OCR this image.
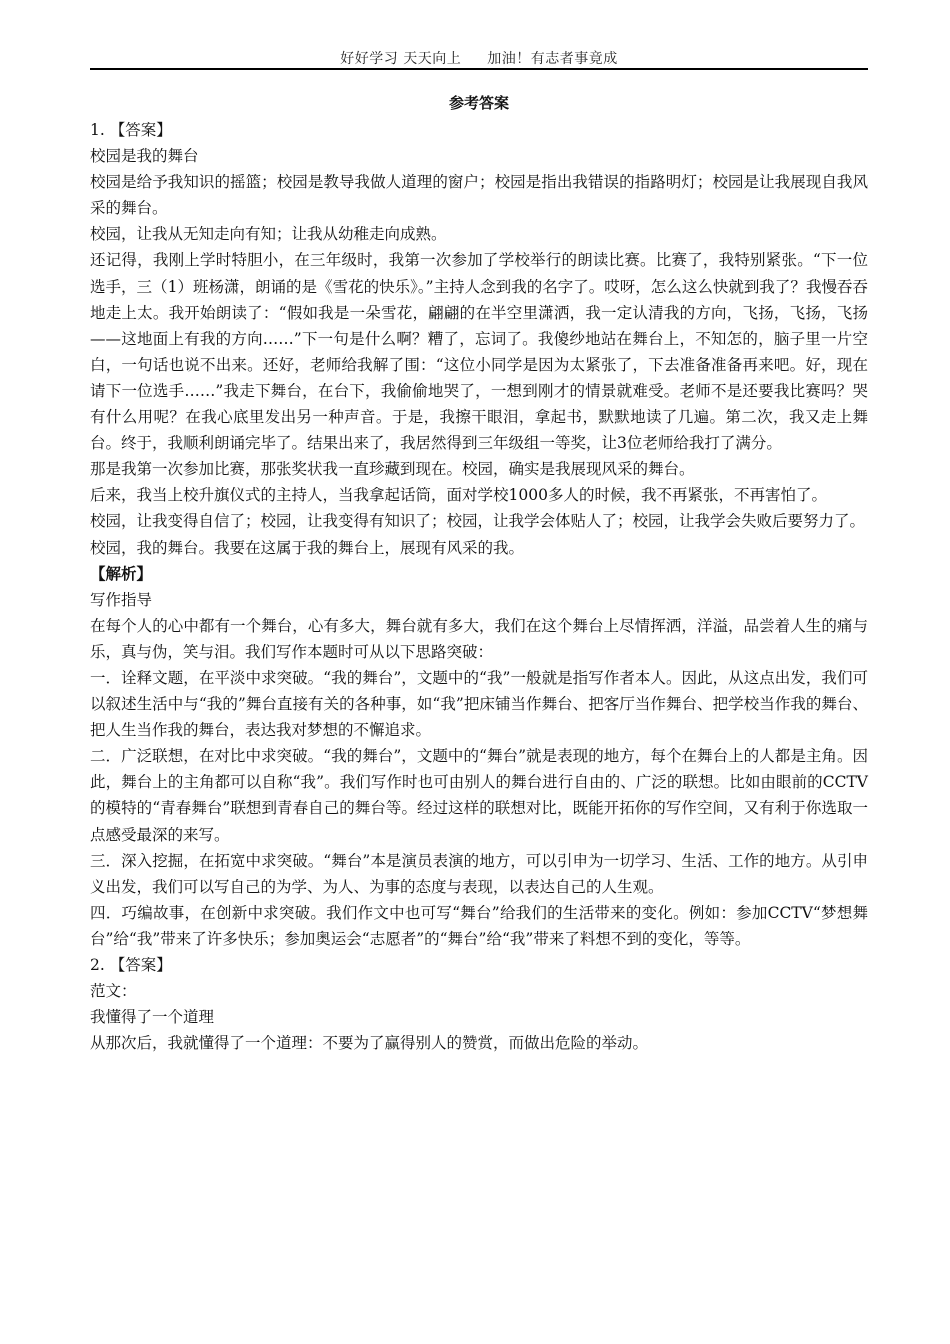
好好学习 天天向上 加油！有志者事竟成
参考答案

1. 【答案】

校园是我的舞台

校园是给予我知识的摇篮；校园是教导我做人道理的窗户；校园是指出我错误的指路明灯；校园是让我展现自我风采的舞台。

校园，让我从无知走向有知；让我从幼稚走向成熟。

还记得，我刚上学时特胆小，在三年级时，我第一次参加了学校举行的朗读比赛。比赛了，我特别紧张。“下一位选手，三（1）班杨潇，朗诵的是《雪花的快乐》。”主持人念到我的名字了。哎呀，怎么这么快就到我了？我慢吞吞地走上太。我开始朗读了：“假如我是一朵雪花，翩翩的在半空里潇洒，我一定认清我的方向，飞扬，飞扬，飞扬——这地面上有我的方向……”下一句是什么啊？糟了，忘词了。我傻纱地站在舞台上，不知怎的，脑子里一片空白，一句话也说不出来。还好，老师给我解了围：“这位小同学是因为太紧张了，下去准备准备再来吧。好，现在请下一位选手……”我走下舞台，在台下，我偷偷地哭了，一想到刚才的情景就难受。老师不是还要我比赛吗？哭有什么用呢？在我心底里发出另一种声音。于是，我擦干眼泪，拿起书，默默地读了几遍。第二次，我又走上舞台。终于，我顺利朗诵完毕了。结果出来了，我居然得到三年级组一等奖，让3位老师给我打了满分。

那是我第一次参加比赛，那张奖状我一直珍藏到现在。校园，确实是我展现风采的舞台。

后来，我当上校升旗仪式的主持人，当我拿起话筒，面对学校1000多人的时候，我不再紧张，不再害怕了。

校园，让我变得自信了；校园，让我变得有知识了；校园，让我学会体贴人了；校园，让我学会失败后要努力了。

校园，我的舞台。我要在这属于我的舞台上，展现有风采的我。

【解析】

写作指导

在每个人的心中都有一个舞台，心有多大，舞台就有多大，我们在这个舞台上尽情挥洒，洋溢，品尝着人生的痛与乐，真与伪，笑与泪。我们写作本题时可从以下思路突破：

一．诠释文题，在平淡中求突破。“我的舞台”，文题中的“我”一般就是指写作者本人。因此，从这点出发，我们可以叙述生活中与“我的”舞台直接有关的各种事，如“我”把床铺当作舞台、把客厅当作舞台、把学校当作我的舞台、把人生当作我的舞台，表达我对梦想的不懈追求。

二．广泛联想，在对比中求突破。“我的舞台”，文题中的“舞台”就是表现的地方，每个在舞台上的人都是主角。因此，舞台上的主角都可以自称“我”。我们写作时也可由别人的舞台进行自由的、广泛的联想。比如由眼前的CCTV的模特的“青春舞台”联想到青春自己的舞台等。经过这样的联想对比，既能开拓你的写作空间，又有利于你选取一点感受最深的来写。

三．深入挖掘，在拓宽中求突破。“舞台”本是演员表演的地方，可以引申为一切学习、生活、工作的地方。从引申义出发，我们可以写自己的为学、为人、为事的态度与表现，以表达自己的人生观。

四．巧编故事，在创新中求突破。我们作文中也可写“舞台”给我们的生活带来的变化。例如：参加CCTV“梦想舞台”给“我”带来了许多快乐；参加奥运会“志愿者”的“舞台”给“我”带来了料想不到的变化，等等。

2. 【答案】

范文：

我懂得了一个道理

从那次后，我就懂得了一个道理：不要为了赢得别人的赞赏，而做出危险的举动。
